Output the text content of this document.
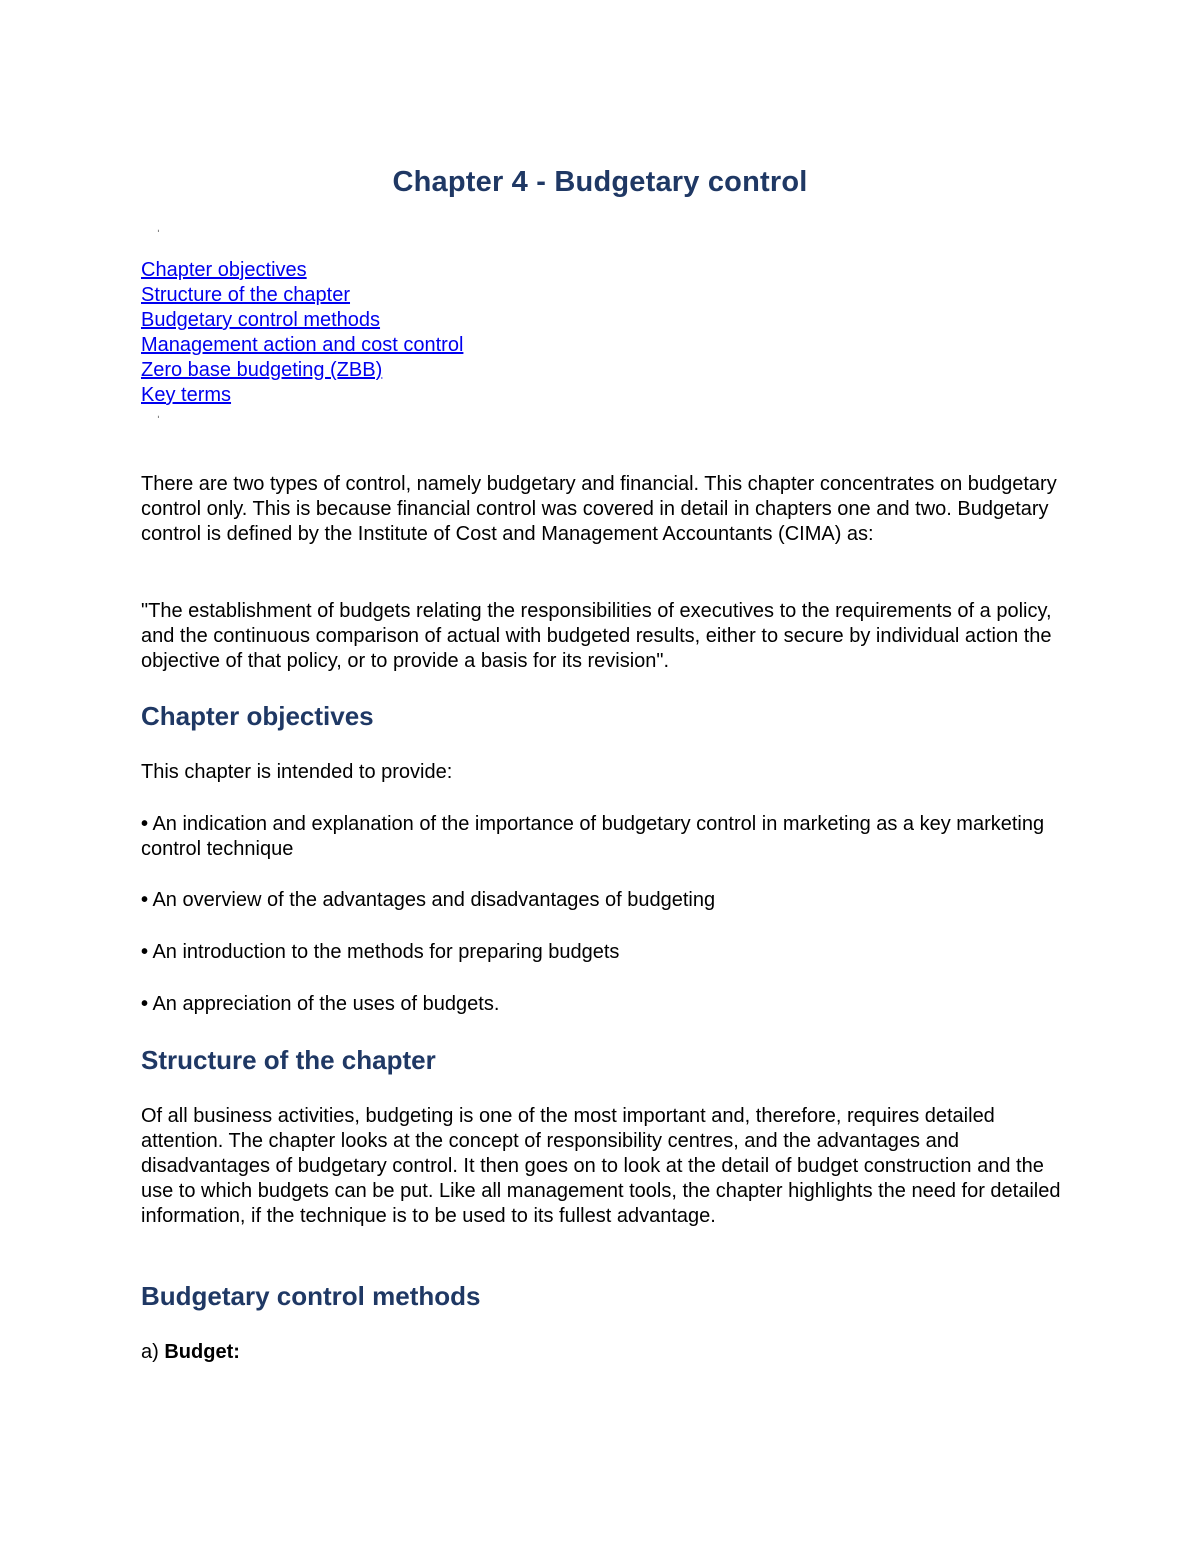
Chapter 4 - Budgetary control
ˈ
Chapter objectives
Structure of the chapter
Budgetary control methods
Management action and cost control
Zero base budgeting (ZBB)
Key terms
ˈ

There are two types of control, namely budgetary and financial. This chapter concentrates on budgetary control only. This is because financial control was covered in detail in chapters one and two. Budgetary control is defined by the Institute of Cost and Management Accountants (CIMA) as:

"The establishment of budgets relating the responsibilities of executives to the requirements of a policy, and the continuous comparison of actual with budgeted results, either to secure by individual action the objective of that policy, or to provide a basis for its revision".

Chapter objectives

This chapter is intended to provide:

• An indication and explanation of the importance of budgetary control in marketing as a key marketing control technique

• An overview of the advantages and disadvantages of budgeting

• An introduction to the methods for preparing budgets

• An appreciation of the uses of budgets.

Structure of the chapter

Of all business activities, budgeting is one of the most important and, therefore, requires detailed attention. The chapter looks at the concept of responsibility centres, and the advantages and disadvantages of budgetary control. It then goes on to look at the detail of budget construction and the use to which budgets can be put. Like all management tools, the chapter highlights the need for detailed information, if the technique is to be used to its fullest advantage.

Budgetary control methods

a) Budget:
